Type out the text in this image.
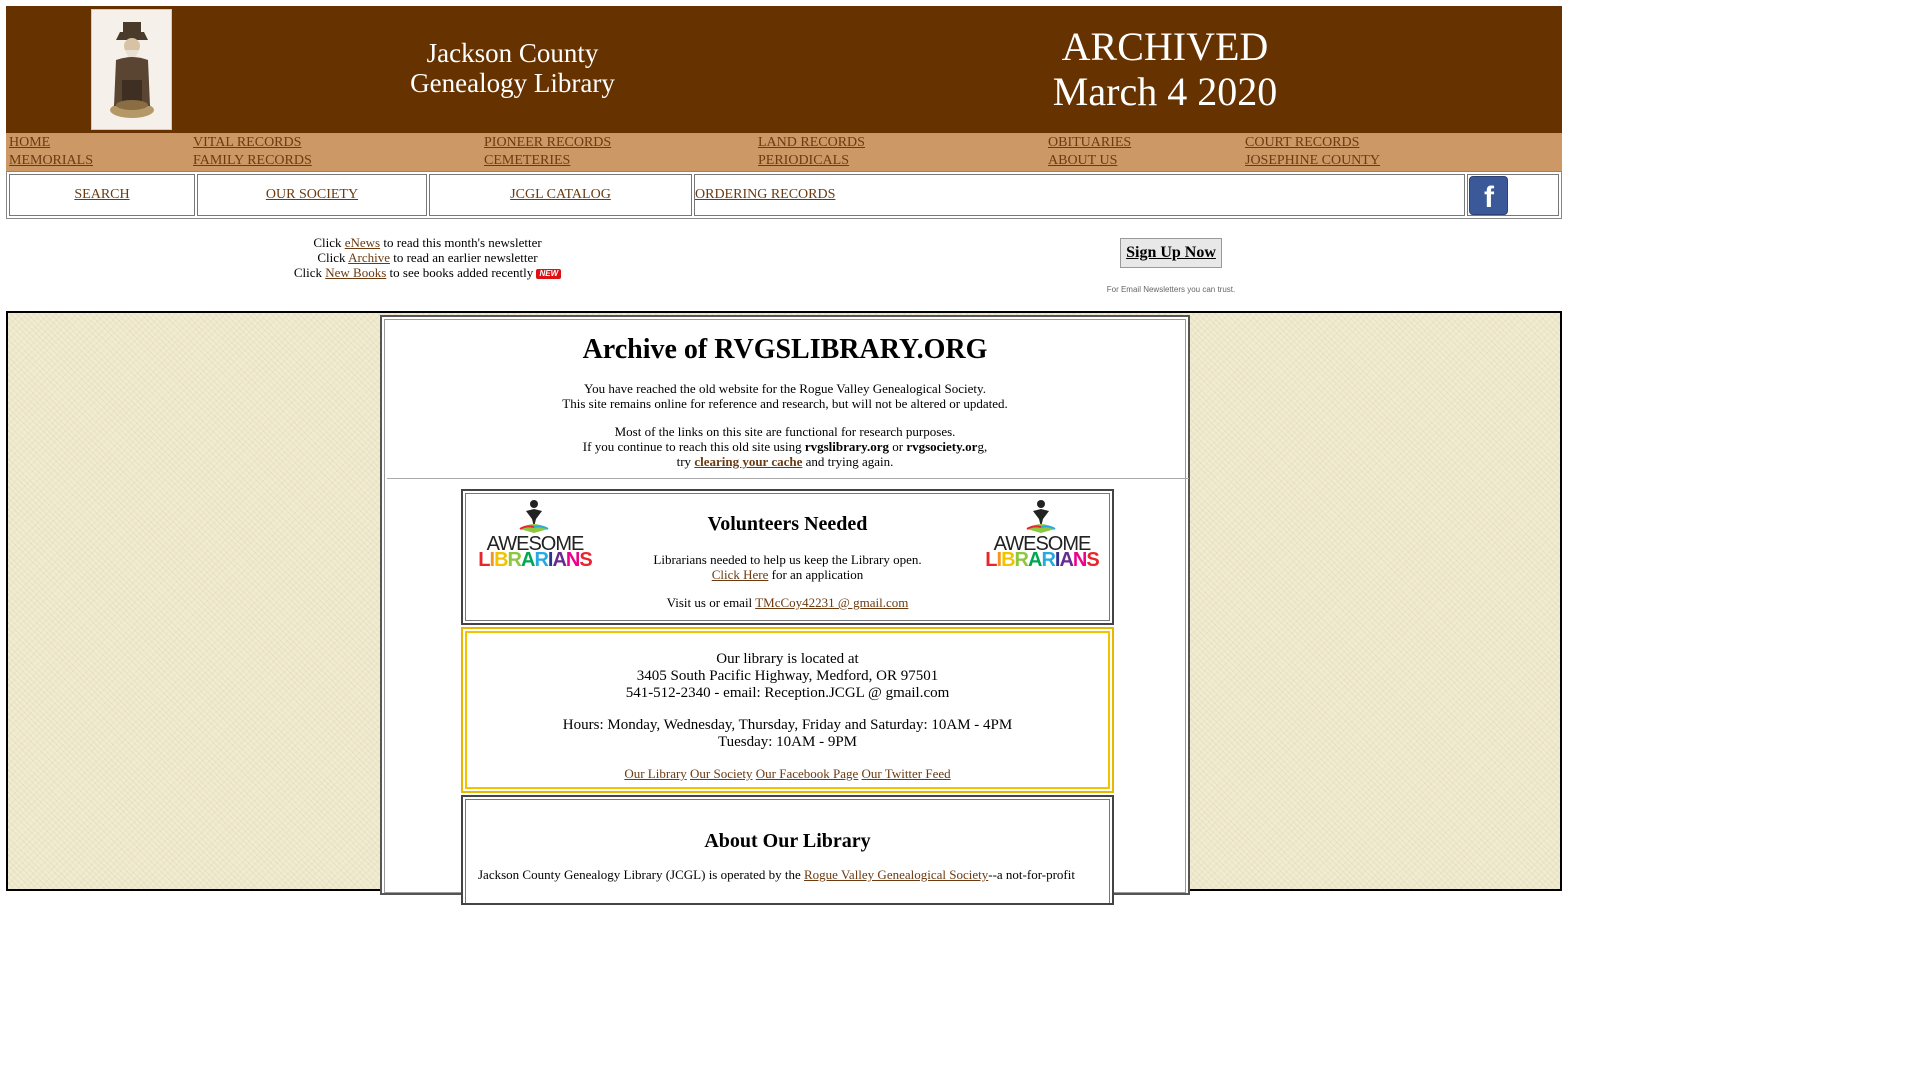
Jackson County
Genealogy Library
ARCHIVED
March 4 2020
HOME	VITAL RECORDS	PIONEER RECORDS	LAND RECORDS	OBITUARIES	COURT RECORDS
MEMORIALS	FAMILY RECORDS	CEMETERIES	PERIODICALS	ABOUT US	JOSEPHINE COUNTY
SEARCH	OUR SOCIETY	JCGL CATALOG	ORDERING RECORDS	f
Click eNews to read this month's newsletter
Click Archive to read an earlier newsletter
Click New Books to see books added recently NEW
Sign Up Now
For Email Newsletters you can trust.
Archive of RVGSLIBRARY.ORG
You have reached the old website for the Rogue Valley Genealogical Society.
This site remains online for reference and research, but will not be altered or updated.
Most of the links on this site are functional for research purposes.
If you continue to reach this old site using rvgslibrary.org or rvgsociety.org,
try clearing your cache and trying again.
AWESOME
LIBRARIANS
AWESOME
LIBRARIANS
Volunteers Needed
Librarians needed to help us keep the Library open.
Click Here for an application
Visit us or email TMcCoy42231 @ gmail.com
Our library is located at
3405 South Pacific Highway, Medford, OR 97501
541-512-2340 - email: Reception.JCGL @ gmail.com
Hours: Monday, Wednesday, Thursday, Friday and Saturday: 10AM - 4PM
Tuesday: 10AM - 9PM
Our Library Our Society Our Facebook Page Our Twitter Feed
About Our Library
Jackson County Genealogy Library (JCGL) is operated by the Rogue Valley Genealogical Society--a not-for-profit
